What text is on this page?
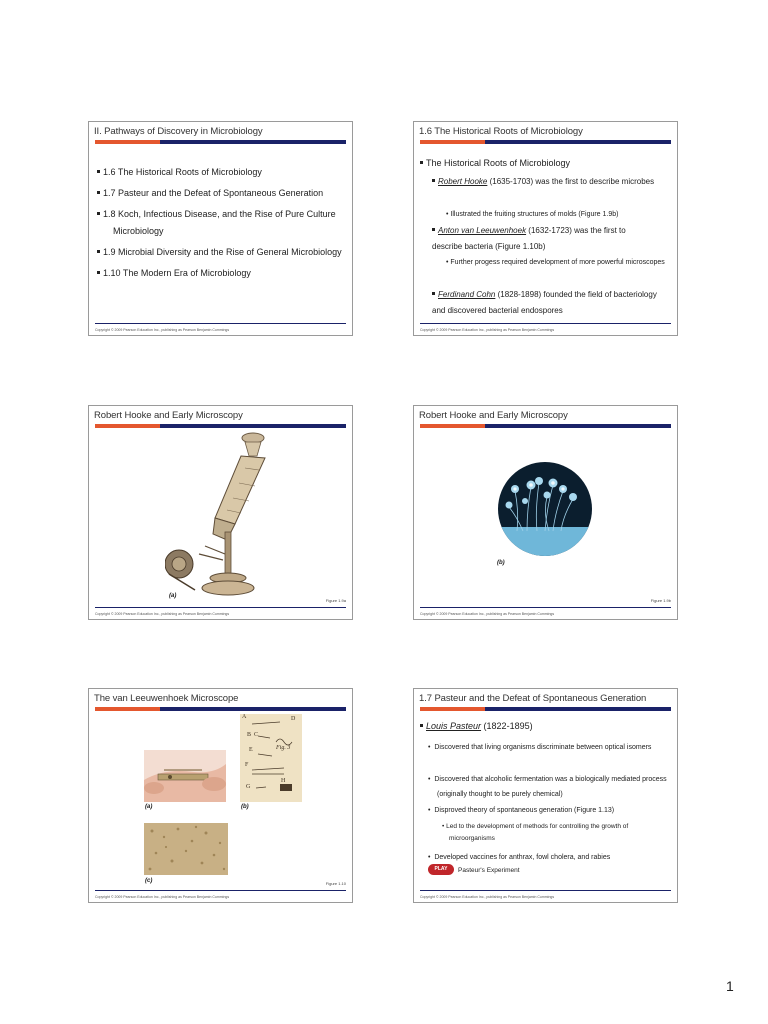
II. Pathways of Discovery in Microbiology
1.6 The Historical Roots of Microbiology
1.7 Pasteur and the Defeat of Spontaneous Generation
1.8 Koch, Infectious Disease, and the Rise of Pure Culture Microbiology
1.9 Microbial Diversity and the Rise of General Microbiology
1.10 The Modern Era of Microbiology
Copyright © 2009 Pearson Education Inc., publishing as Pearson Benjamin Cummings
1.6 The Historical Roots of Microbiology
The Historical Roots of Microbiology
Robert Hooke (1635-1703) was the first to describe microbes
• Illustrated the fruiting structures of molds (Figure 1.9b)
Anton van Leeuwenhoek (1632-1723) was the first to describe bacteria (Figure 1.10b)
• Further progess required development of more powerful microscopes
Ferdinand Cohn (1828-1898) founded the field of bacteriology and discovered bacterial endospores
Copyright © 2009 Pearson Education Inc., publishing as Pearson Benjamin Cummings
Robert Hooke and Early Microscopy
(a)
Figure 1.9a
Copyright © 2009 Pearson Education Inc., publishing as Pearson Benjamin Cummings
Robert Hooke and Early Microscopy
(b)
Figure 1.9b
Copyright © 2009 Pearson Education Inc., publishing as Pearson Benjamin Cummings
The van Leeuwenhoek Microscope
A	D
B C
E	Fig. 3
F
G
H
(a)	(b)
(c)	Figure 1.10
Copyright © 2009 Pearson Education Inc., publishing as Pearson Benjamin Cummings
1.7 Pasteur and the Defeat of Spontaneous Generation
Louis Pasteur (1822-1895)
•  Discovered that living organisms discriminate between optical isomers
•  Discovered that alcoholic fermentation was a biologically mediated process (originally thought to be purely chemical)
•  Disproved theory of spontaneous generation (Figure 1.13)
• Led to the development of methods for controlling the growth of microorganisms
•  Developed vaccines for anthrax, fowl cholera, and rabies
PLAY	Pasteur's Experiment
Copyright © 2009 Pearson Education Inc., publishing as Pearson Benjamin Cummings
1
